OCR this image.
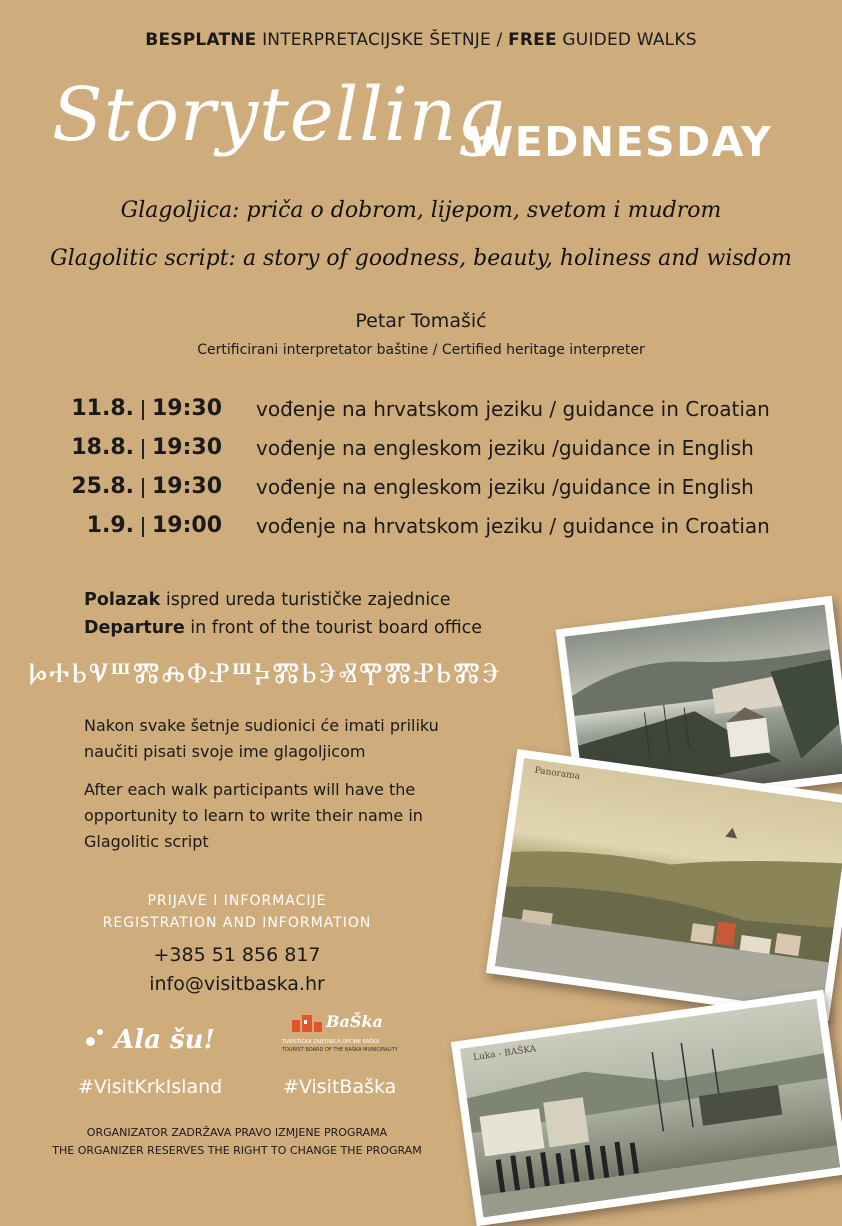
BESPLATNE INTERPRETACIJSKE ŠETNJE / FREE GUIDED WALKS
Storytelling
WEDNESDAY
Glagoljica: priča o dobrom, lijepom, svetom i mudrom
Glagolitic script: a story of goodness, beauty, holiness and wisdom
Petar Tomašić
Certificirani interpretator baštine / Certified heritage interpreter
11.8. 19:30 vođenje na hrvatskom jeziku / guidance in Croatian
18.8. 19:30 vođenje na engleskom jeziku /guidance in English
25.8. 19:30 vođenje na engleskom jeziku /guidance in English
1.9. 19:00 vođenje na hrvatskom jeziku / guidance in Croatian
Polazak ispred ureda turističke zajednice
Departure in front of the tourist board office
ⰘⰀⰓⰜⰞⰏⰎⰗⰐⰞⰍⰏⰓⰅⰟⰉⰏⰐⰓⰏⰅ
Nakon svake šetnje sudionici će imati priliku naučiti pisati svoje ime glagoljicom
After each walk participants will have the opportunity to learn to write their name in Glagolitic script
PRIJAVE I INFORMACIJE
REGISTRATION AND INFORMATION
+385 51 856 817
info@visitbaska.hr
Ala šu!
BaŠka
TURISTIČKA ZAJEDNICA OPĆINE BAŠKA
TOURIST BOARD OF THE BAŠKA MUNICIPALITY
#VisitKrkIsland	#VisitBaška
ORGANIZATOR ZADRŽAVA PRAVO IZMJENE PROGRAMA
THE ORGANIZER RESERVES THE RIGHT TO CHANGE THE PROGRAM
Panorama
Luka - BAŠKA
